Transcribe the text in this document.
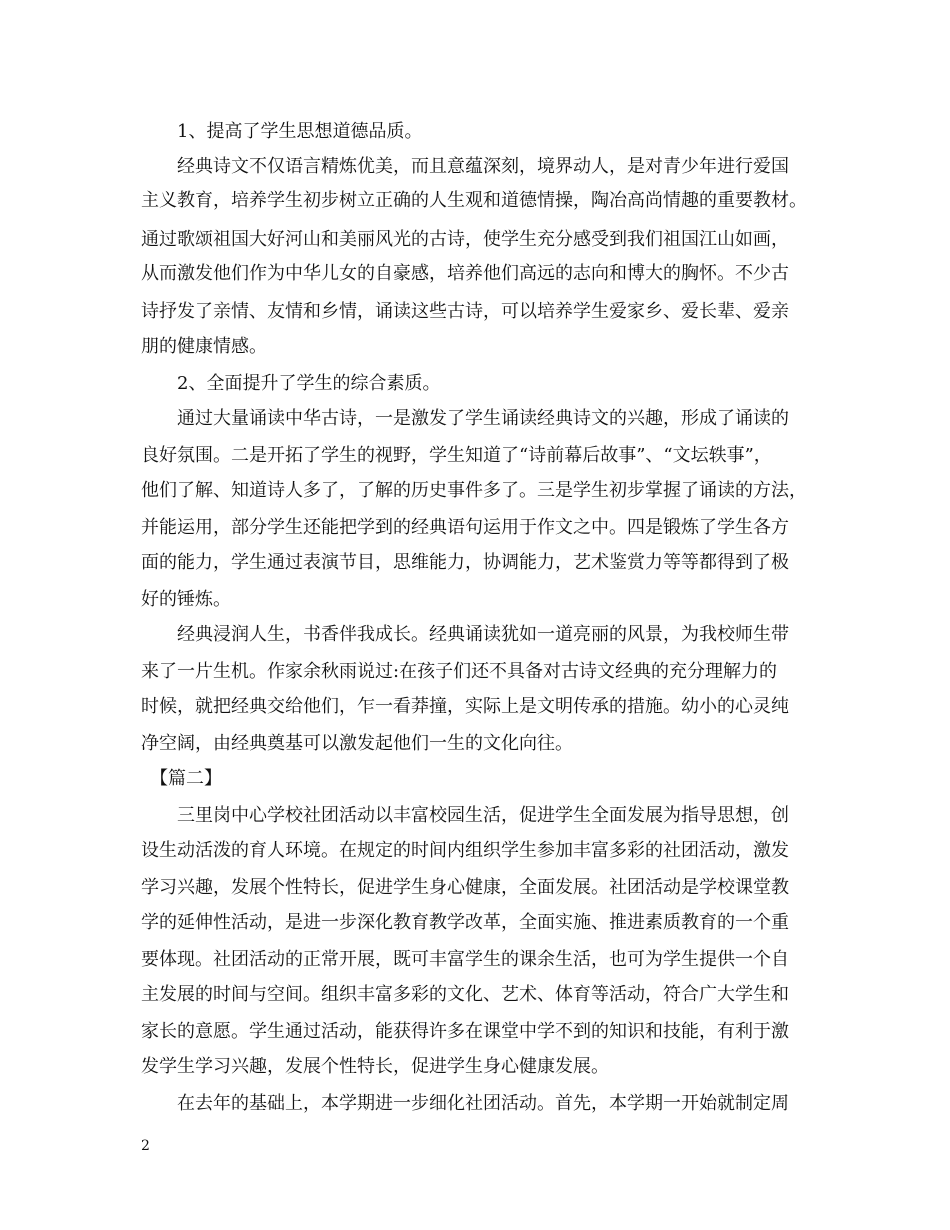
　　1、提高了学生思想道德品质。
　　经典诗文不仅语言精炼优美，而且意蕴深刻，境界动人，是对青少年进行爱国
主义教育，培养学生初步树立正确的人生观和道德情操，陶冶高尚情趣的重要教材。
通过歌颂祖国大好河山和美丽风光的古诗，使学生充分感受到我们祖国江山如画，
从而激发他们作为中华儿女的自豪感，培养他们高远的志向和博大的胸怀。不少古
诗抒发了亲情、友情和乡情，诵读这些古诗，可以培养学生爱家乡、爱长辈、爱亲
朋的健康情感。
　　2、全面提升了学生的综合素质。
　　通过大量诵读中华古诗，一是激发了学生诵读经典诗文的兴趣，形成了诵读的
良好氛围。二是开拓了学生的视野，学生知道了“诗前幕后故事”、“文坛轶事”，
他们了解、知道诗人多了，了解的历史事件多了。三是学生初步掌握了诵读的方法，
并能运用，部分学生还能把学到的经典语句运用于作文之中。四是锻炼了学生各方
面的能力，学生通过表演节目，思维能力，协调能力，艺术鉴赏力等等都得到了极
好的锤炼。
　　经典浸润人生，书香伴我成长。经典诵读犹如一道亮丽的风景，为我校师生带
来了一片生机。作家余秋雨说过:在孩子们还不具备对古诗文经典的充分理解力的
时候，就把经典交给他们，乍一看莽撞，实际上是文明传承的措施。幼小的心灵纯
净空阔，由经典奠基可以激发起他们一生的文化向往。
　【篇二】
　　三里岗中心学校社团活动以丰富校园生活，促进学生全面发展为指导思想，创
设生动活泼的育人环境。在规定的时间内组织学生参加丰富多彩的社团活动，激发
学习兴趣，发展个性特长，促进学生身心健康，全面发展。社团活动是学校课堂教
学的延伸性活动，是进一步深化教育教学改革，全面实施、推进素质教育的一个重
要体现。社团活动的正常开展，既可丰富学生的课余生活，也可为学生提供一个自
主发展的时间与空间。组织丰富多彩的文化、艺术、体育等活动，符合广大学生和
家长的意愿。学生通过活动，能获得许多在课堂中学不到的知识和技能，有利于激
发学生学习兴趣，发展个性特长，促进学生身心健康发展。
　　在去年的基础上，本学期进一步细化社团活动。首先，本学期一开始就制定周
2
